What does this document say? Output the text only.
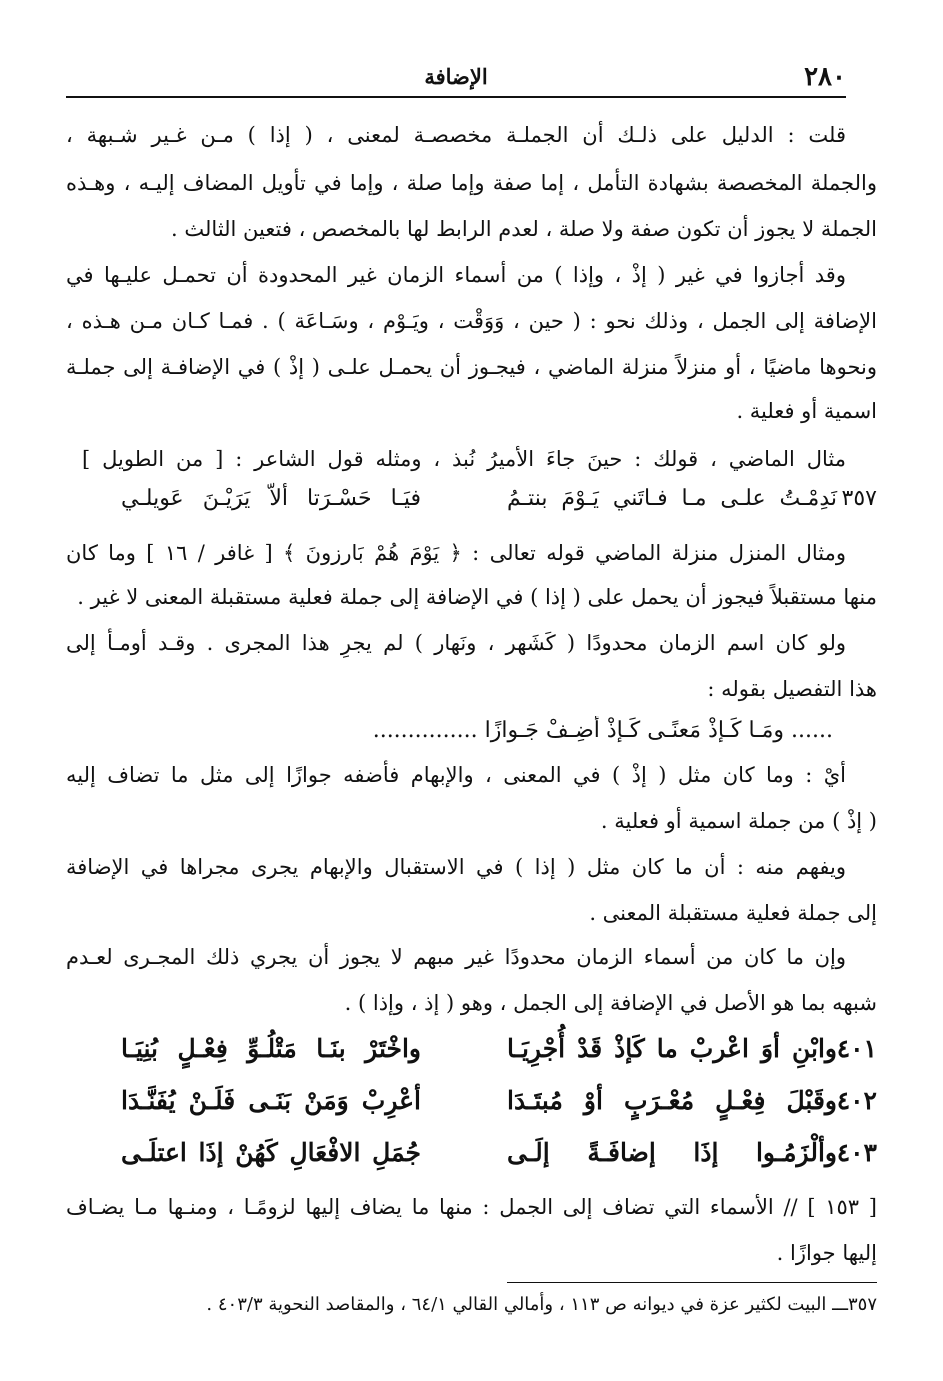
٢٨٠
الإضافة
قلت : الدليل على ذلـك أن الجملـة مخصصـة لمعنى ، ( إذا ) مـن غـير شـبهة ،
والجملة المخصصة بشهادة التأمل ، إما صفة وإما صلة ، وإما في تأويل المضاف إليـه ، وهـذه
الجملة لا يجوز أن تكون صفة ولا صلة ، لعدم الرابط لها بالمخصص ، فتعين الثالث .
وقد أجازوا في غير ( إذْ ، وإذا ) من أسماء الزمان غير المحدودة أن تحمـل عليـها في
الإضافة إلى الجمل ، وذلك نحو : ( حين ، وَوَقْت ، ويَـوْم ، وسَـاعَة ) . فمـا كـان مـن هـذه ،
ونحوها ماضيًا ، أو منزلاً منزلة الماضي ، فيجـوز أن يحمـل علـى ( إذْ ) في الإضافـة إلى جملـة
اسمية أو فعلية .
مثال الماضي ، قولك : حينَ جاءَ الأميرُ نُبذ ، ومثله قول الشاعر : [ من الطويل ]
٣٥٧
نَدِمْـتُ علـى مـا فـاتَني يَـوْمَ بنتـمُ
فيَـا حَسْـرَتا ألاّ يَرَيْـنَ عَويلـي
ومثال المنزل منزلة الماضي قوله تعالى : ﴿ يَوْمَ هُمْ بَارزونَ ﴾ [ غافر / ١٦ ] وما كان
منها مستقبلاً فيجوز أن يحمل على ( إذا ) في الإضافة إلى جملة فعلية مستقبلة المعنى لا غير .
ولو كان اسم الزمان محدودًا ( كَشَهر ، ونَهار ) لم يجرِ هذا المجرى . وقـد أومـأ إلى
هذا التفصيل بقوله :
...... ومَـا كَـإذْ مَعنًـى كَـإذْ أضِـفْ جَـوازًا ...............
أيْ : وما كان مثل ( إذْ ) في المعنى ، والإبهام فأضفه جوازًا إلى مثل ما تضاف إليه
( إذْ ) من جملة اسمية أو فعلية .
ويفهم منه : أن ما كان مثل ( إذا ) في الاستقبال والإبهام يجرى مجراها في الإضافة
إلى جملة فعلية مستقبلة المعنى .
وإن ما كان من أسماء الزمان محدودًا غير مبهم لا يجوز أن يجري ذلك المجـرى لعـدم
شبهه بما هو الأصل في الإضافة إلى الجمل ، وهو ( إذ ، وإذا ) .
٤٠١
وابْنِ أوَ اعْربْ ما كَإذْ قَدْ أُجْرِيَـا
واخْتَرْ بنَـا مَتْلُـوِّ فِعْـلٍ بُنِيَـا
٤٠٢
وقَبْلَ فِعْـلٍ مُعْـرَبٍ أوْ مُبتَـدَا
أعْرِبْ وَمَنْ بَنَـى فَلَـنْ يُفَنَّـدَا
٤٠٣
وألْزَمُـوا إذَا إضافَـةً إلَـى
جُمَلِ الافْعَالِ كَهُنْ إذَا اعتلَـى
[ ١٥٣ ] // الأسماء التي تضاف إلى الجمل : منها ما يضاف إليها لزومًـا ، ومنـها مـا يضـاف
إليها جوازًا .
٣٥٧ـــ البيت لكثير عزة في ديوانه ص ١١٣ ، وأمالي القالي ٦٤/١ ، والمقاصد النحوية ٤٠٣/٣ .
